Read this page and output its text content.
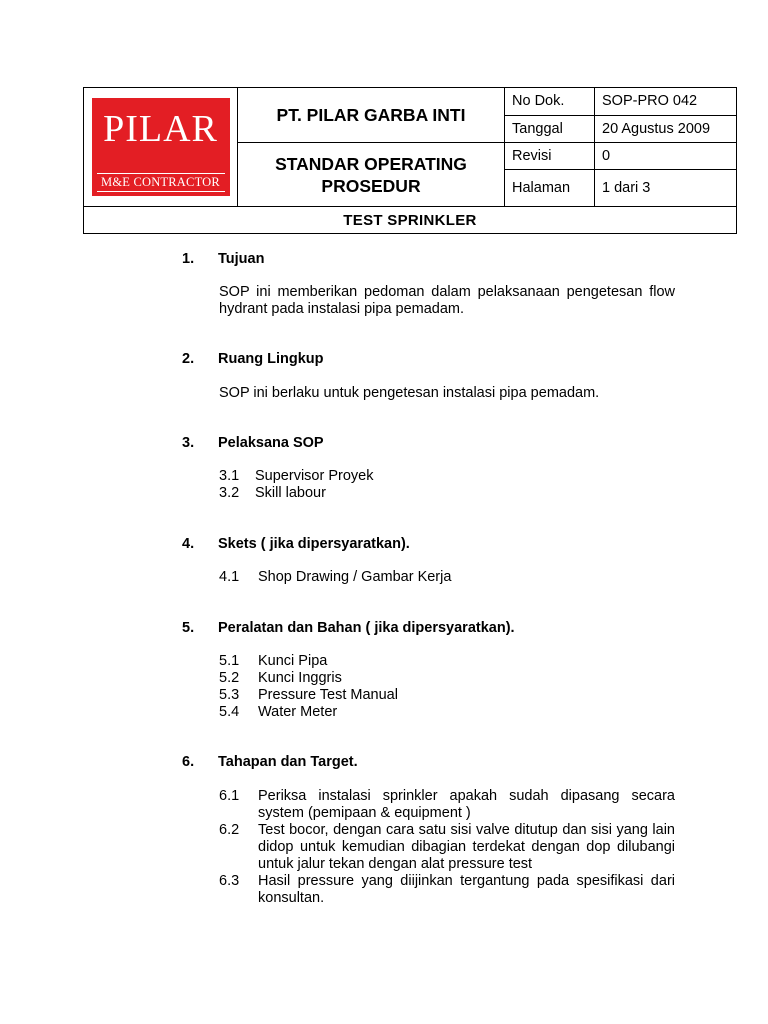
PILAR
M&E CONTRACTOR	PT. PILAR GARBA INTI	No Dok.	SOP-PRO 042
		Tanggal	20 Agustus 2009
	STANDAR OPERATING PROSEDUR	Revisi	0
		Halaman	1 dari 3
TEST SPRINKLER			
1. Tujuan
SOP ini memberikan pedoman dalam pelaksanaan pengetesan flow hydrant pada instalasi pipa pemadam.
2. Ruang Lingkup
SOP ini berlaku untuk pengetesan instalasi pipa pemadam.
3. Pelaksana SOP
3.1 Supervisor Proyek
3.2 Skill labour
4. Skets ( jika dipersyaratkan).
4.1 Shop Drawing / Gambar Kerja
5. Peralatan dan Bahan ( jika dipersyaratkan).
5.1 Kunci Pipa
5.2 Kunci Inggris
5.3 Pressure Test Manual
5.4 Water Meter
6. Tahapan dan Target.
6.1 Periksa instalasi sprinkler apakah sudah dipasang secara system (pemipaan & equipment )
6.2 Test bocor, dengan cara satu sisi valve ditutup dan sisi yang lain didop untuk kemudian dibagian terdekat dengan dop dilubangi untuk jalur tekan dengan alat pressure test
6.3 Hasil pressure yang diijinkan tergantung pada spesifikasi dari konsultan.
